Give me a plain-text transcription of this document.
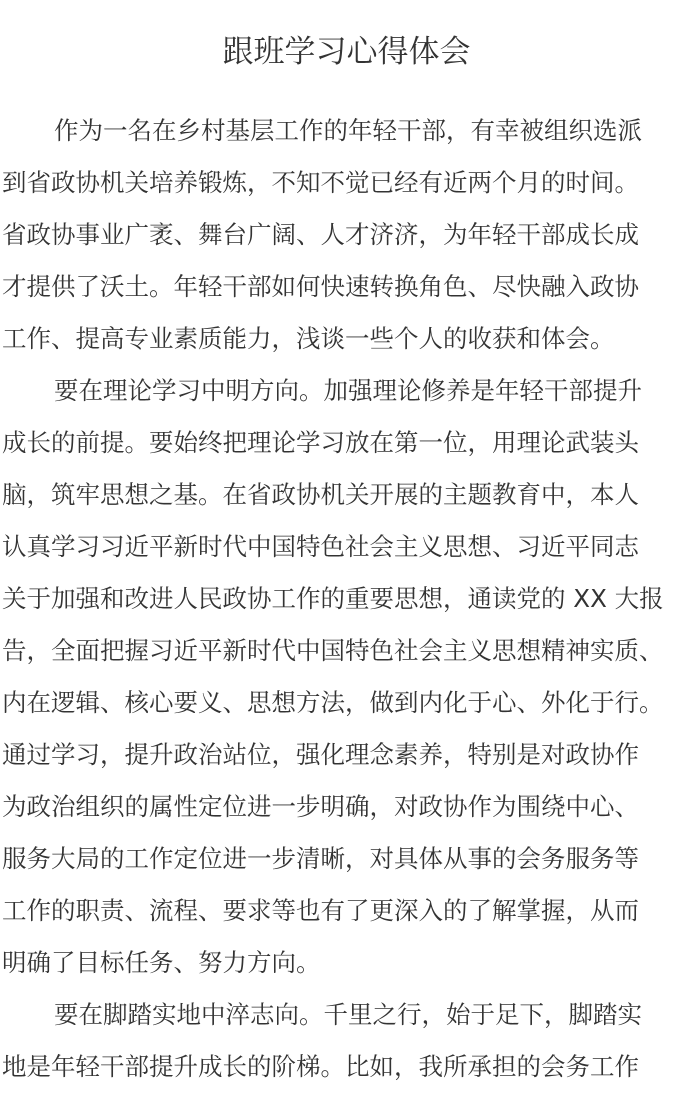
跟班学习心得体会
作为一名在乡村基层工作的年轻干部，有幸被组织选派
到省政协机关培养锻炼，不知不觉已经有近两个月的时间。
省政协事业广袤、舞台广阔、人才济济，为年轻干部成长成
才提供了沃土。年轻干部如何快速转换角色、尽快融入政协
工作、提高专业素质能力，浅谈一些个人的收获和体会。
要在理论学习中明方向。加强理论修养是年轻干部提升
成长的前提。要始终把理论学习放在第一位，用理论武装头
脑，筑牢思想之基。在省政协机关开展的主题教育中，本人
认真学习习近平新时代中国特色社会主义思想、习近平同志
关于加强和改进人民政协工作的重要思想，通读党的 XX 大报
告，全面把握习近平新时代中国特色社会主义思想精神实质、
内在逻辑、核心要义、思想方法，做到内化于心、外化于行。
通过学习，提升政治站位，强化理念素养，特别是对政协作
为政治组织的属性定位进一步明确，对政协作为围绕中心、
服务大局的工作定位进一步清晰，对具体从事的会务服务等
工作的职责、流程、要求等也有了更深入的了解掌握，从而
明确了目标任务、努力方向。
要在脚踏实地中淬志向。千里之行，始于足下，脚踏实
地是年轻干部提升成长的阶梯。比如，我所承担的会务工作
